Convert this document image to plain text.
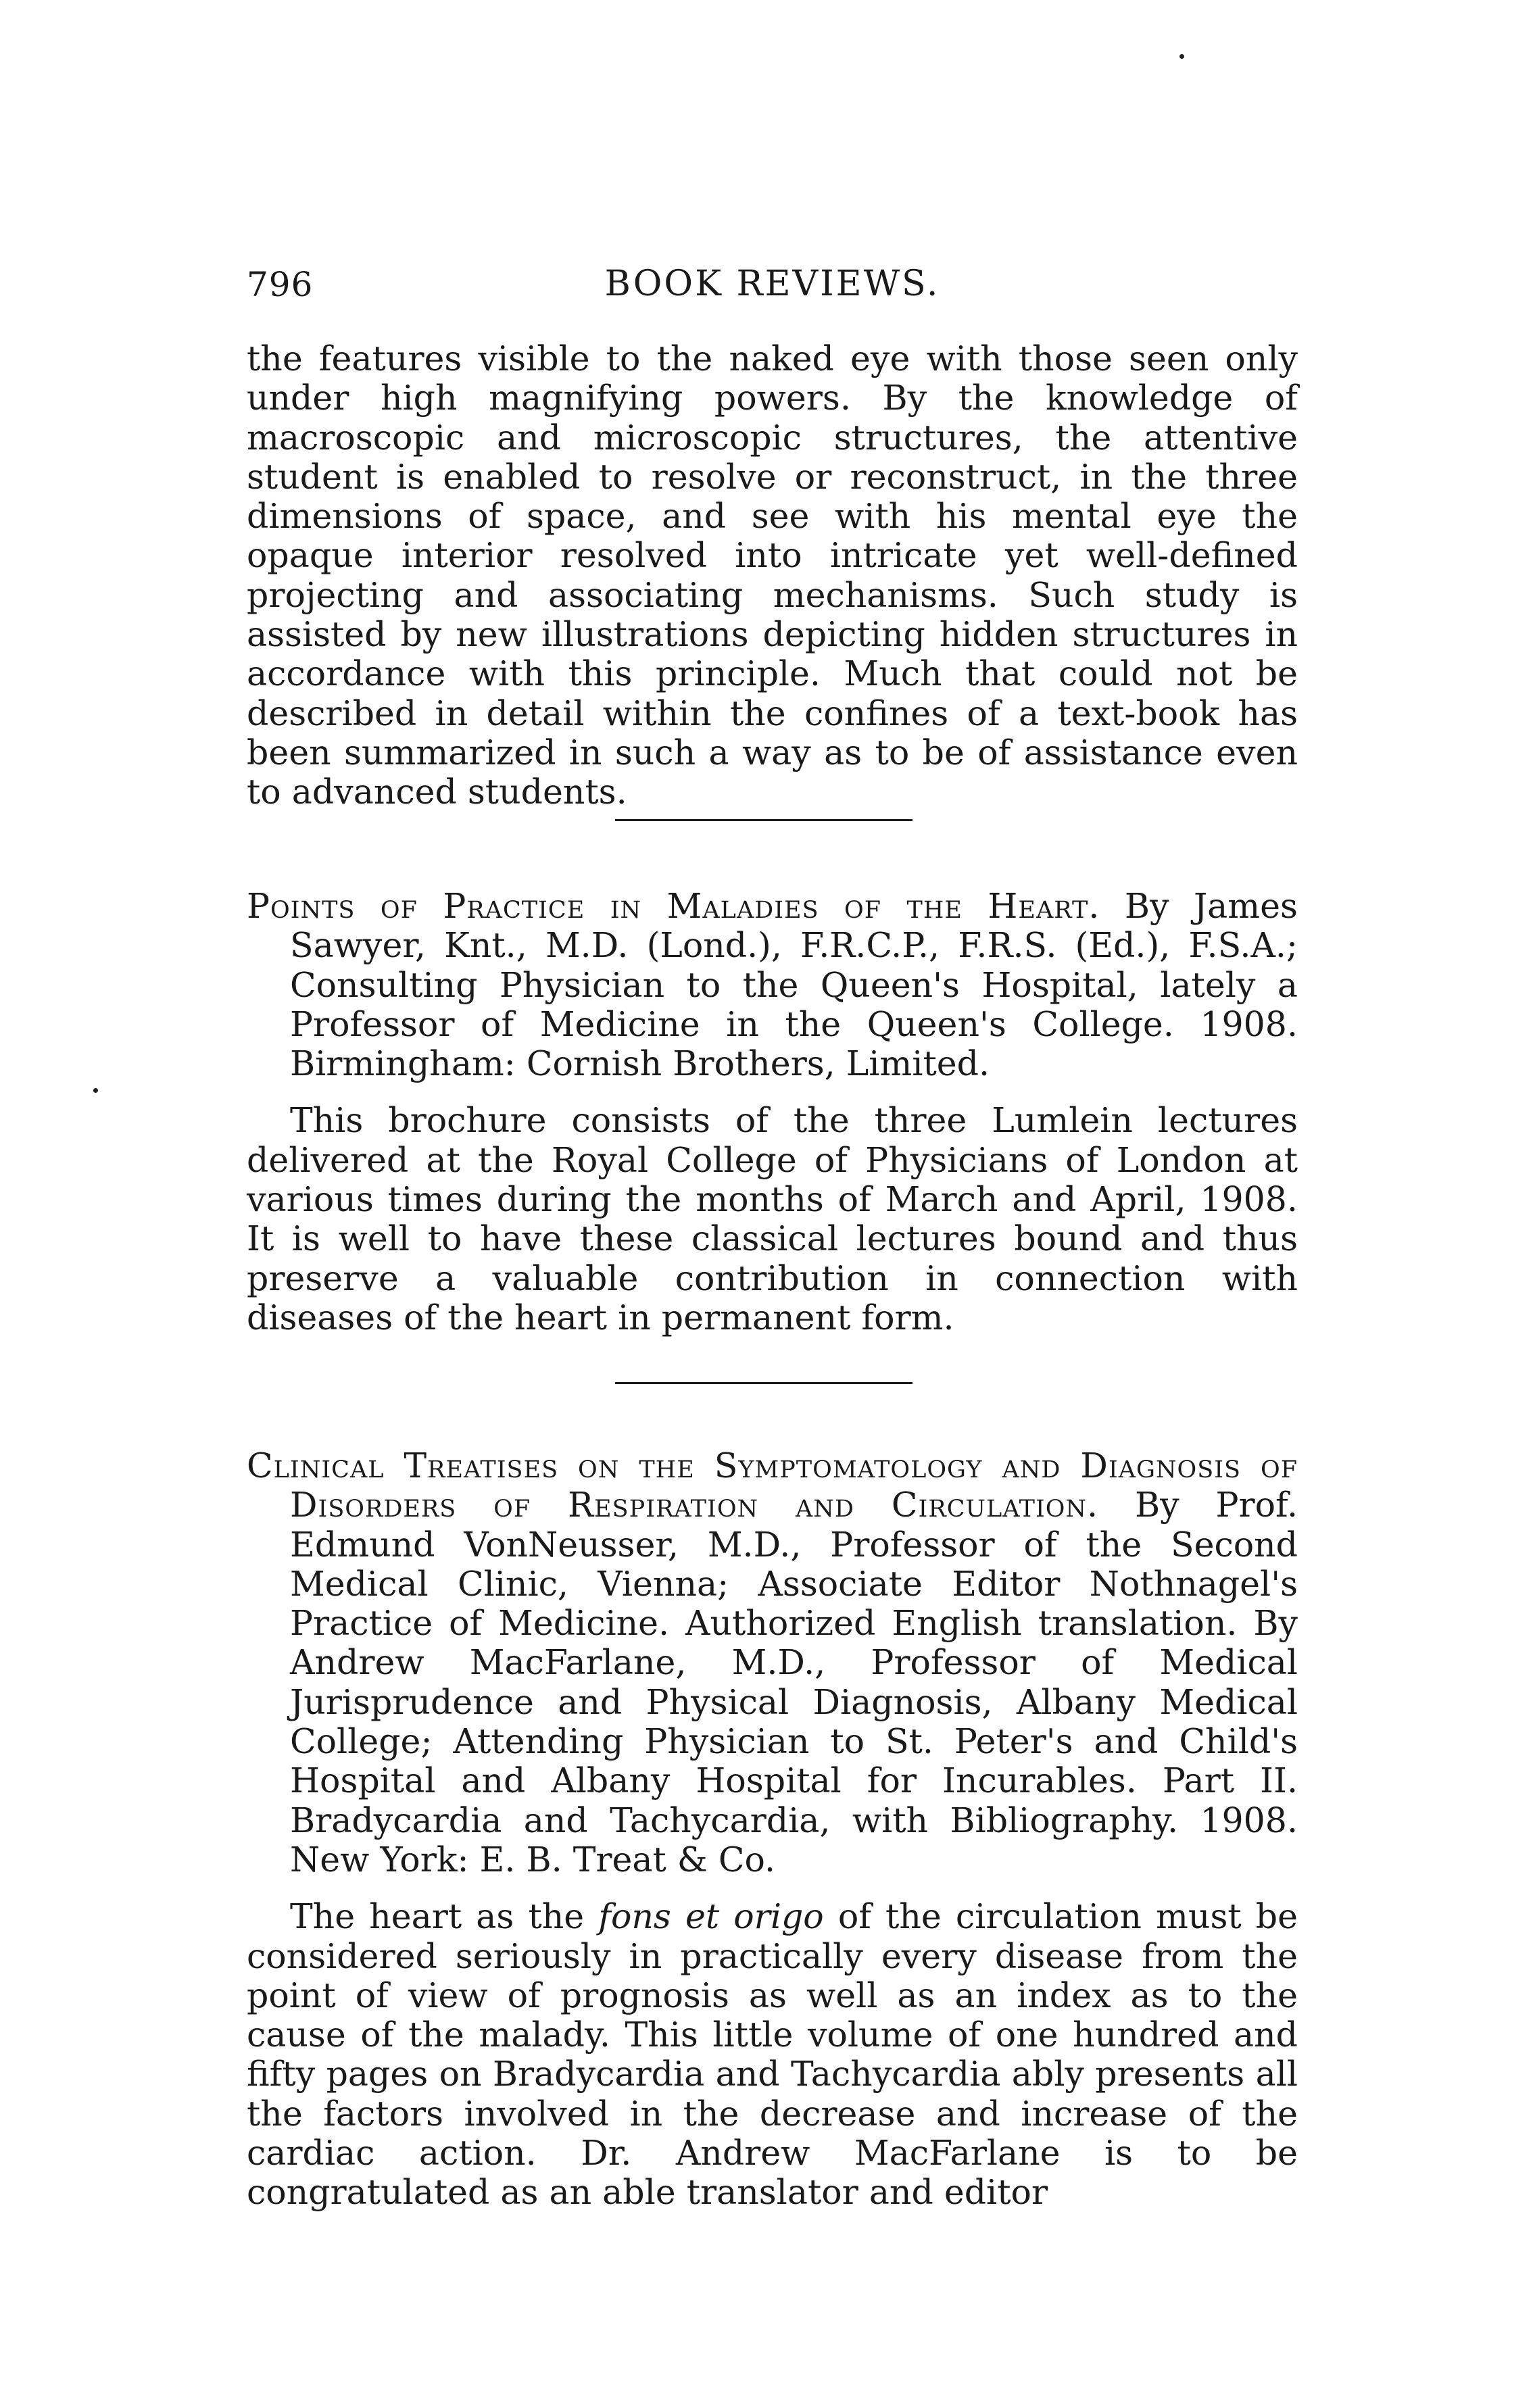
796	BOOK REVIEWS.

the features visible to the naked eye with those seen only under high magnifying powers. By the knowledge of macroscopic and microscopic structures, the attentive student is enabled to resolve or reconstruct, in the three dimensions of space, and see with his mental eye the opaque interior resolved into intricate yet well-defined projecting and associating mechanisms. Such study is assisted by new illustrations depicting hidden structures in accordance with this principle. Much that could not be described in detail within the confines of a text-book has been summarized in such a way as to be of assistance even to advanced students.

Points of Practice in Maladies of the Heart. By James Sawyer, Knt., M.D. (Lond.), F.R.C.P., F.R.S. (Ed.), F.S.A.; Consulting Physician to the Queen's Hospital, lately a Professor of Medicine in the Queen's College. 1908. Birmingham: Cornish Brothers, Limited.

This brochure consists of the three Lumlein lectures delivered at the Royal College of Physicians of London at various times during the months of March and April, 1908. It is well to have these classical lectures bound and thus preserve a valuable contribution in connection with diseases of the heart in permanent form.

Clinical Treatises on the Symptomatology and Diagnosis of Disorders of Respiration and Circulation. By Prof. Edmund VonNeusser, M.D., Professor of the Second Medical Clinic, Vienna; Associate Editor Nothnagel's Practice of Medicine. Authorized English translation. By Andrew MacFarlane, M.D., Professor of Medical Jurisprudence and Physical Diagnosis, Albany Medical College; Attending Physician to St. Peter's and Child's Hospital and Albany Hospital for Incurables. Part II. Bradycardia and Tachycardia, with Bibliography. 1908. New York: E. B. Treat & Co.

The heart as the fons et origo of the circulation must be considered seriously in practically every disease from the point of view of prognosis as well as an index as to the cause of the malady. This little volume of one hundred and fifty pages on Bradycardia and Tachycardia ably presents all the factors involved in the decrease and increase of the cardiac action. Dr. Andrew MacFarlane is to be congratulated as an able translator and editor
